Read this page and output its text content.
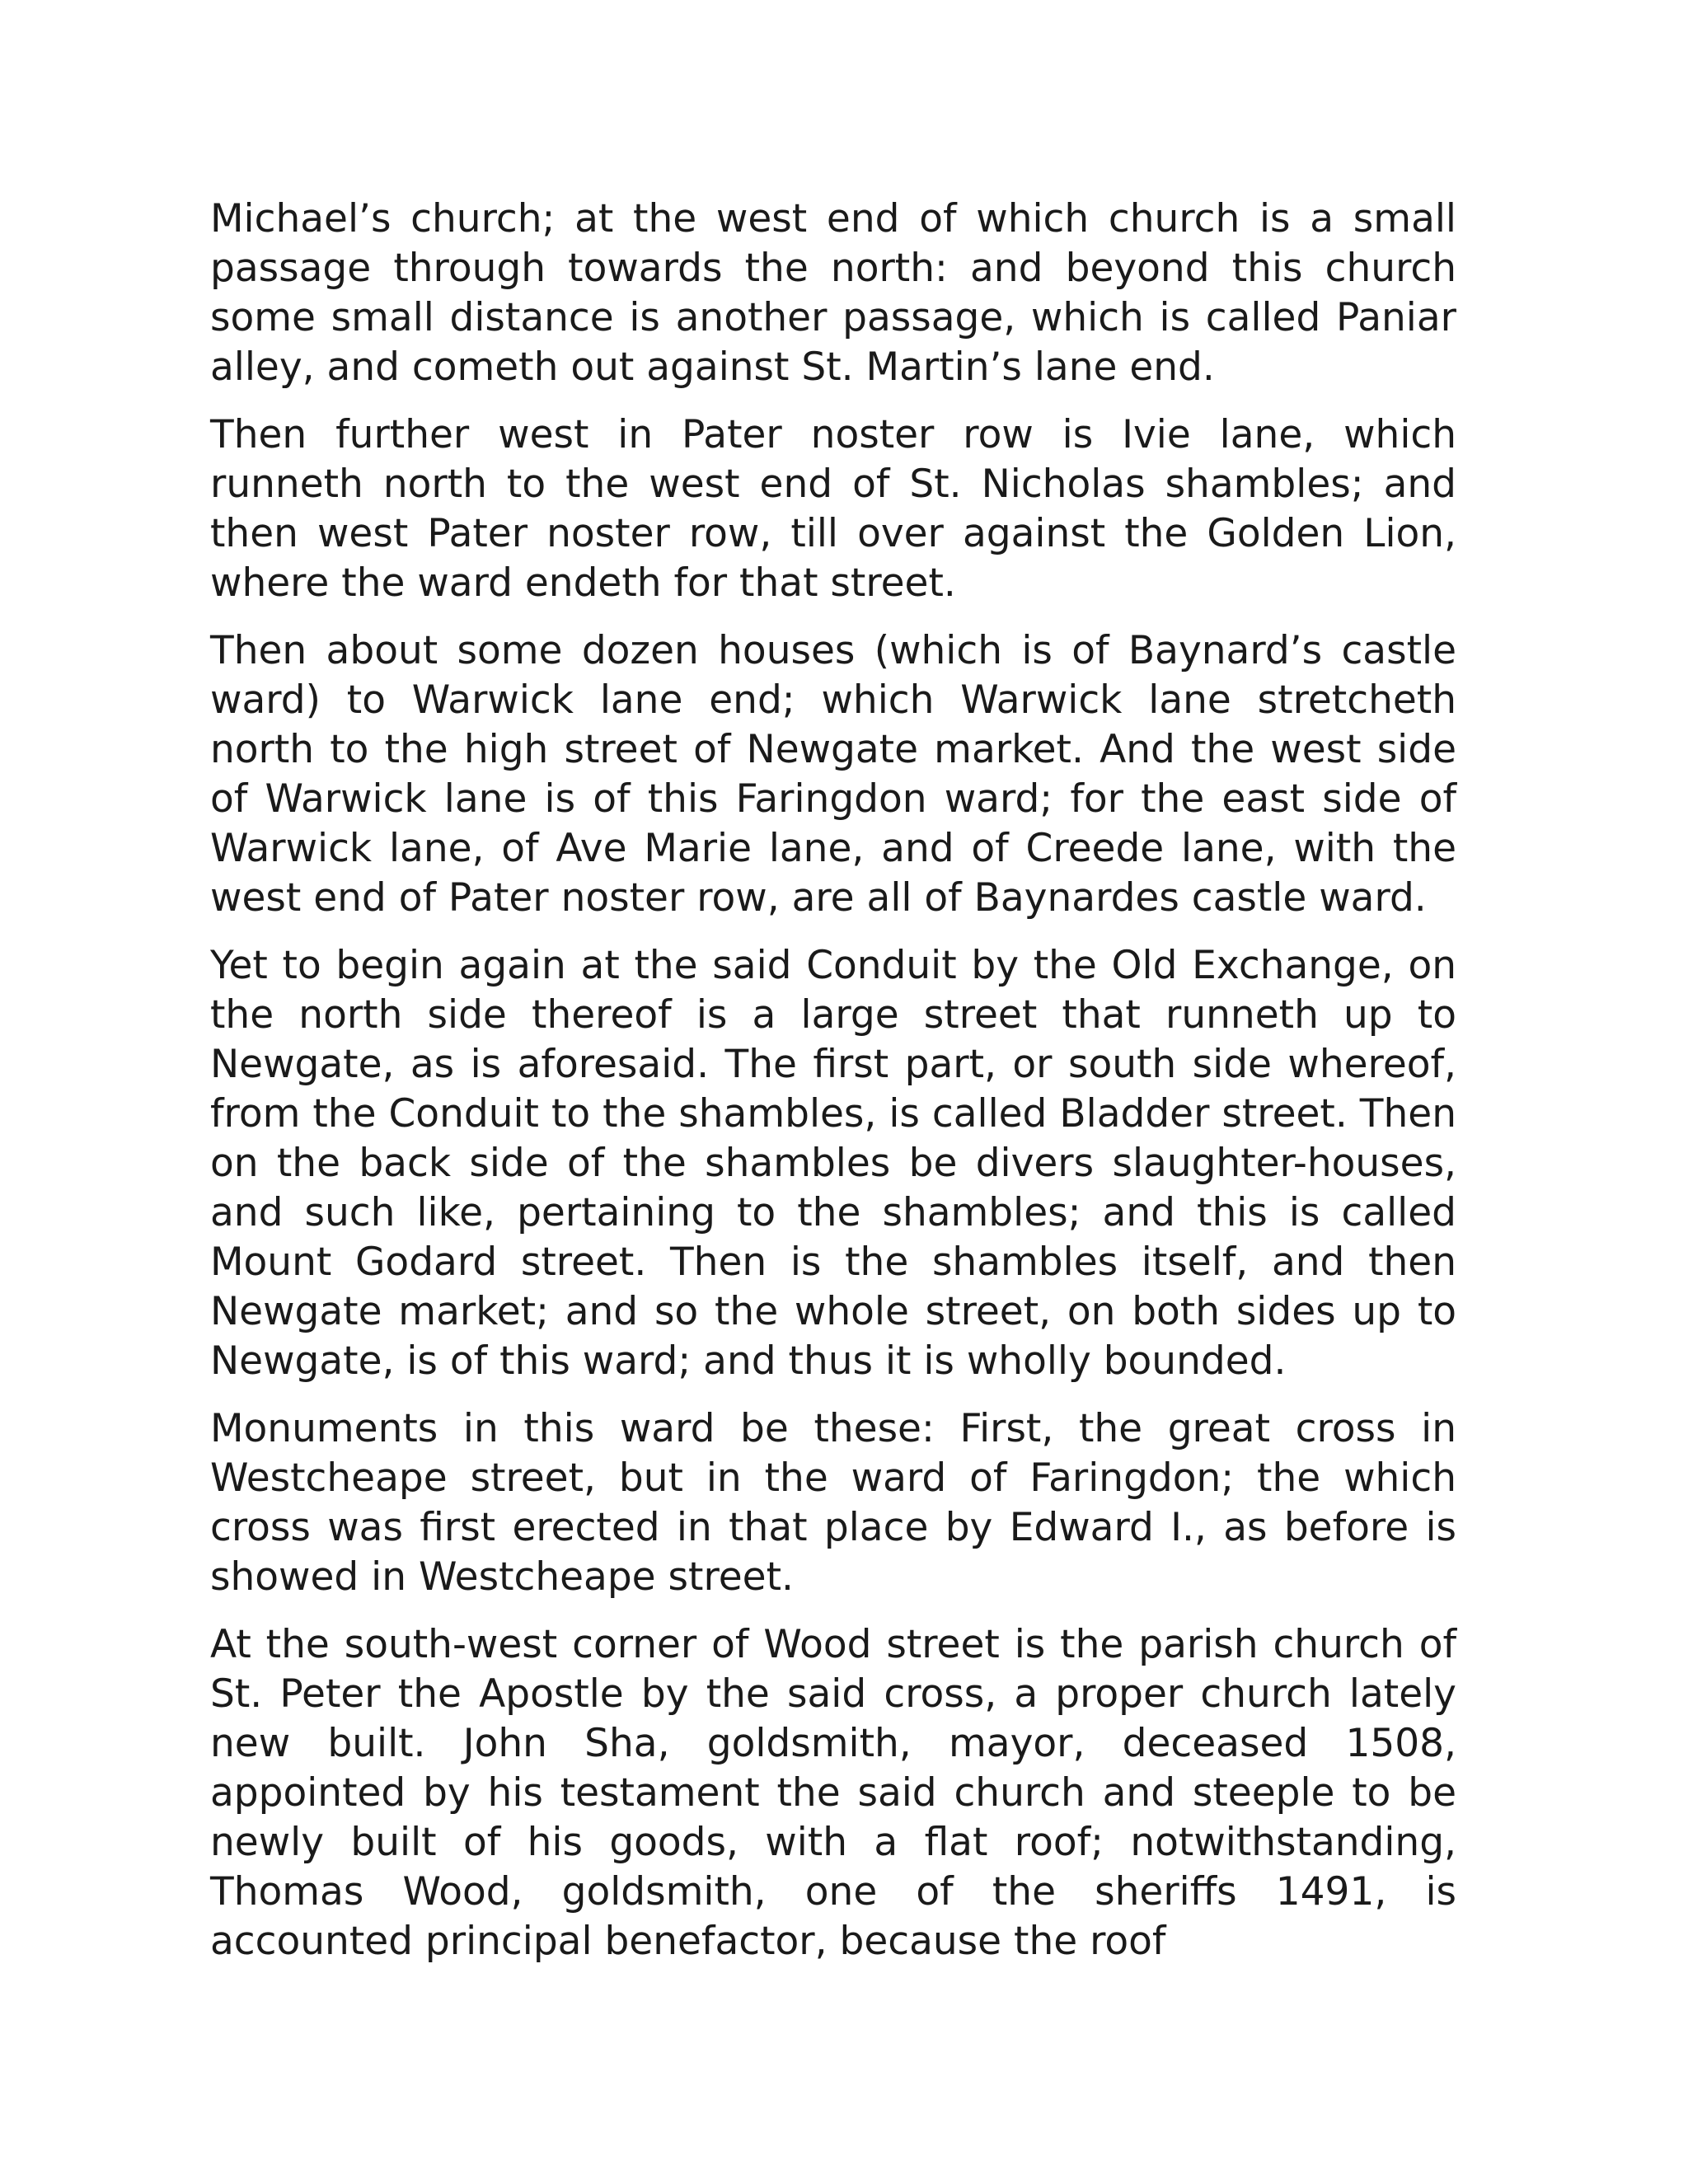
Michael’s church; at the west end of which church is a small passage through towards the north: and beyond this church some small distance is another passage, which is called Paniar alley, and cometh out against St. Martin’s lane end.

Then further west in Pater noster row is Ivie lane, which runneth north to the west end of St. Nicholas shambles; and then west Pater noster row, till over against the Golden Lion, where the ward endeth for that street.

Then about some dozen houses (which is of Baynard’s castle ward) to Warwick lane end; which Warwick lane stretcheth north to the high street of Newgate market. And the west side of Warwick lane is of this Faringdon ward; for the east side of Warwick lane, of Ave Marie lane, and of Creede lane, with the west end of Pater noster row, are all of Baynardes castle ward.

Yet to begin again at the said Conduit by the Old Exchange, on the north side thereof is a large street that runneth up to Newgate, as is aforesaid. The first part, or south side whereof, from the Conduit to the shambles, is called Bladder street. Then on the back side of the shambles be divers slaughter-houses, and such like, pertaining to the shambles; and this is called Mount Godard street. Then is the shambles itself, and then Newgate market; and so the whole street, on both sides up to Newgate, is of this ward; and thus it is wholly bounded.

Monuments in this ward be these: First, the great cross in Westcheape street, but in the ward of Faringdon; the which cross was first erected in that place by Edward I., as before is showed in Westcheape street.

At the south-west corner of Wood street is the parish church of St. Peter the Apostle by the said cross, a proper church lately new built. John Sha, goldsmith, mayor, deceased 1508, appointed by his testament the said church and steeple to be newly built of his goods, with a flat roof; notwithstanding, Thomas Wood, goldsmith, one of the sheriffs 1491, is accounted principal benefactor, because the roof
